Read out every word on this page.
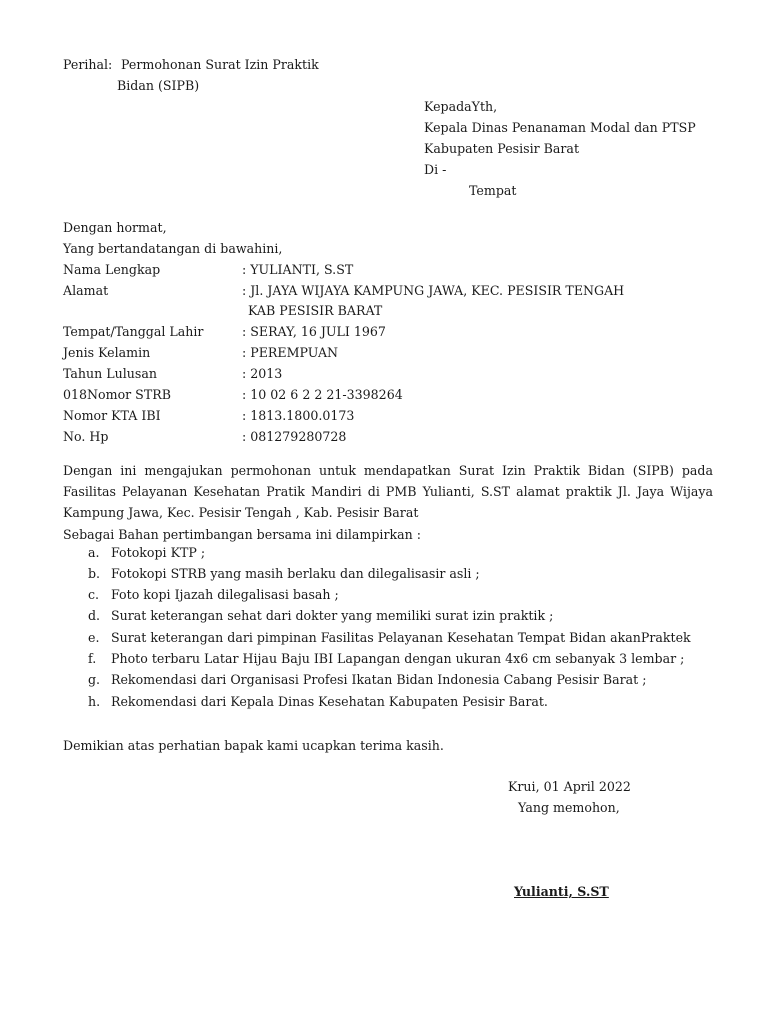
Perihal: Permohonan Surat Izin Praktik
Bidan (SIPB)
KepadaYth,
Kepala Dinas Penanaman Modal dan PTSP
Kabupaten Pesisir Barat
Di -
Tempat
Dengan hormat,
Yang bertandatangan di bawahini,
Nama Lengkap	: YULIANTI, S.ST
Alamat	: Jl. JAYA WIJAYA KAMPUNG JAWA, KEC. PESISIR TENGAH
KAB PESISIR BARAT
Tempat/Tanggal Lahir	: SERAY, 16 JULI 1967
Jenis Kelamin	: PEREMPUAN
Tahun Lulusan	: 2013
018Nomor STRB	: 10 02 6 2 2 21-3398264
Nomor KTA IBI	: 1813.1800.0173
No. Hp	: 081279280728
Dengan ini mengajukan permohonan untuk mendapatkan Surat Izin Praktik Bidan (SIPB) pada Fasilitas Pelayanan Kesehatan Pratik Mandiri di PMB Yulianti, S.ST alamat praktik Jl. Jaya Wijaya Kampung Jawa, Kec. Pesisir Tengah , Kab. Pesisir Barat
Sebagai Bahan pertimbangan bersama ini dilampirkan :
a. Fotokopi KTP ;
b. Fotokopi STRB yang masih berlaku dan dilegalisasir asli ;
c. Foto kopi Ijazah dilegalisasi basah ;
d. Surat keterangan sehat dari dokter yang memiliki surat izin praktik ;
e. Surat keterangan dari pimpinan Fasilitas Pelayanan Kesehatan Tempat Bidan akanPraktek
f. Photo terbaru Latar Hijau Baju IBI Lapangan dengan ukuran 4x6 cm sebanyak 3 lembar ;
g. Rekomendasi dari Organisasi Profesi Ikatan Bidan Indonesia Cabang Pesisir Barat ;
h. Rekomendasi dari Kepala Dinas Kesehatan Kabupaten Pesisir Barat.
Demikian atas perhatian bapak kami ucapkan terima kasih.
Krui, 01 April 2022
Yang memohon,
Yulianti, S.ST
